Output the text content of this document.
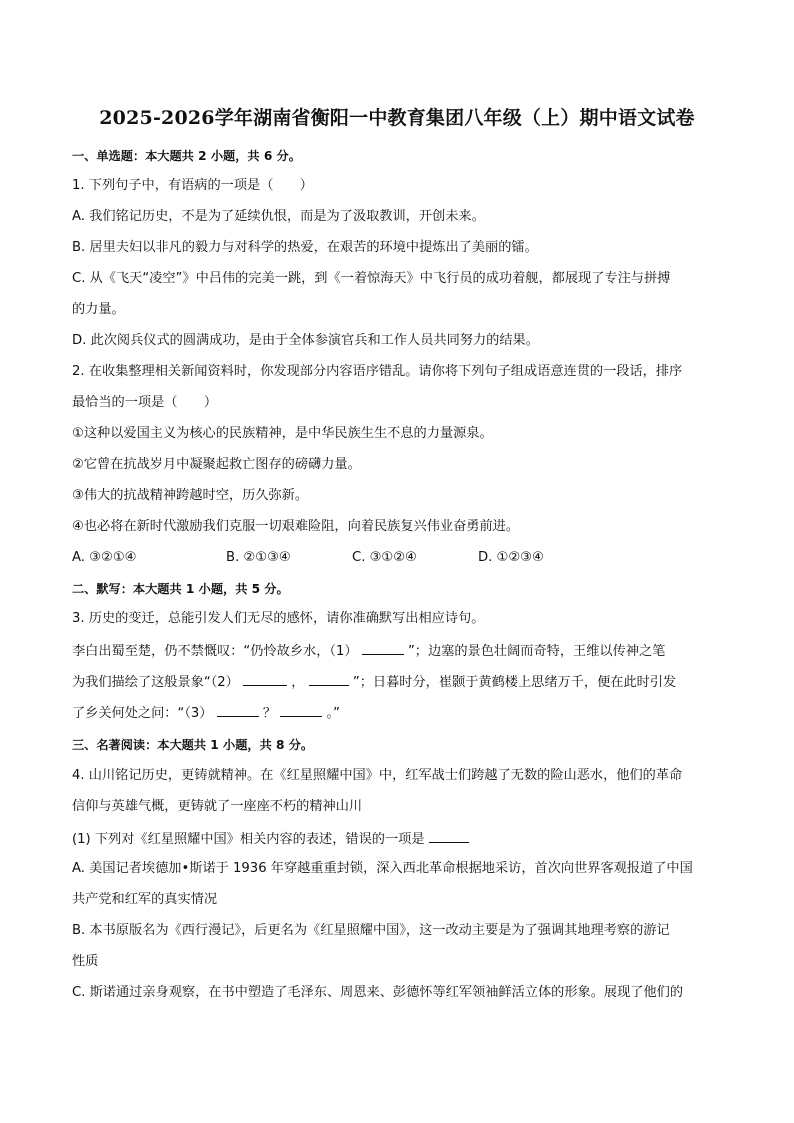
2025-2026学年湖南省衡阳一中教育集团八年级（上）期中语文试卷
一、单选题：本大题共 2 小题，共 6 分。
1. 下列句子中，有语病的一项是（　　）
A. 我们铭记历史，不是为了延续仇恨，而是为了汲取教训，开创未来。
B. 居里夫妇以非凡的毅力与对科学的热爱，在艰苦的环境中提炼出了美丽的镭。
C. 从《飞天“凌空”》中吕伟的完美一跳，到《一着惊海天》中飞行员的成功着舰，都展现了专注与拼搏
的力量。
D. 此次阅兵仪式的圆满成功，是由于全体参演官兵和工作人员共同努力的结果。
2. 在收集整理相关新闻资料时，你发现部分内容语序错乱。请你将下列句子组成语意连贯的一段话，排序
最恰当的一项是（　　）
①这种以爱国主义为核心的民族精神，是中华民族生生不息的力量源泉。
②它曾在抗战岁月中凝聚起救亡图存的磅礴力量。
③伟大的抗战精神跨越时空，历久弥新。
④也必将在新时代激励我们克服一切艰难险阻，向着民族复兴伟业奋勇前进。
A. ③②①④	B. ②①③④	C. ③①②④	D. ①②③④
二、默写：本大题共 1 小题，共 5 分。
3. 历史的变迁，总能引发人们无尽的感怀，请你准确默写出相应诗句。
李白出蜀至楚，仍不禁慨叹：“仍怜故乡水，（1）	”；边塞的景色壮阔而奇特，王维以传神之笔
为我们描绘了这般景象“（2）	，	”；日暮时分，崔颢于黄鹤楼上思绪万千，便在此时引发
了乡关何处之问：“（3）	？	。”
三、名著阅读：本大题共 1 小题，共 8 分。
4. 山川铭记历史，更铸就精神。在《红星照耀中国》中，红军战士们跨越了无数的险山恶水，他们的革命
信仰与英雄气概，更铸就了一座座不朽的精神山川
(1) 下列对《红星照耀中国》相关内容的表述，错误的一项是
A. 美国记者埃德加•斯诺于 1936 年穿越重重封锁，深入西北革命根据地采访，首次向世界客观报道了中国
共产党和红军的真实情况
B. 本书原版名为《西行漫记》，后更名为《红星照耀中国》，这一改动主要是为了强调其地理考察的游记
性质
C. 斯诺通过亲身观察，在书中塑造了毛泽东、周恩来、彭德怀等红军领袖鲜活立体的形象。展现了他们的
